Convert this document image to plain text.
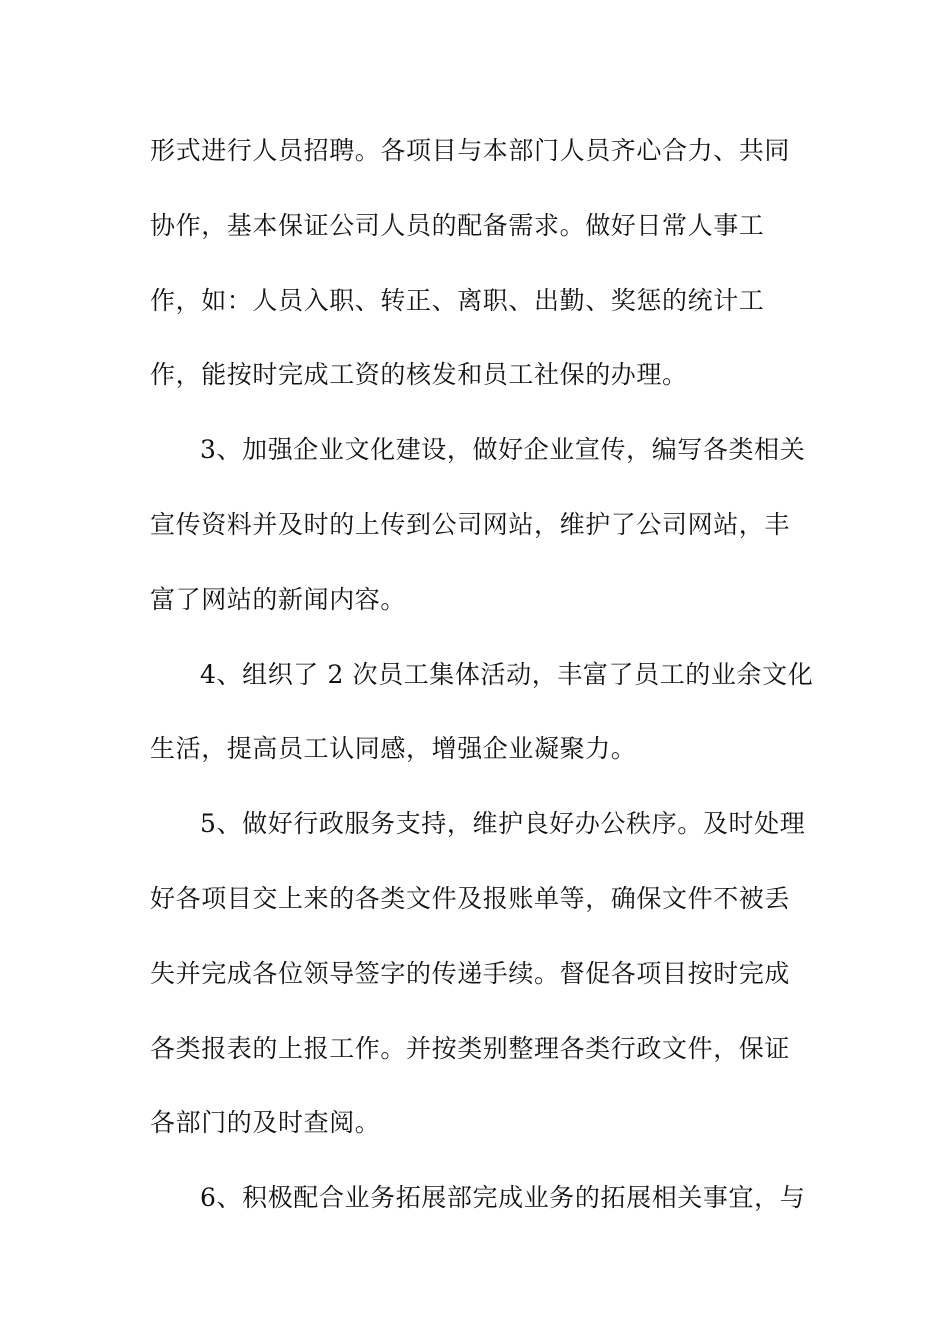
形式进行人员招聘。各项目与本部门人员齐心合力、共同
协作，基本保证公司人员的配备需求。做好日常人事工
作，如：人员入职、转正、离职、出勤、奖惩的统计工
作，能按时完成工资的核发和员工社保的办理。
3、加强企业文化建设，做好企业宣传，编写各类相关
宣传资料并及时的上传到公司网站，维护了公司网站，丰
富了网站的新闻内容。
4、组织了 2 次员工集体活动，丰富了员工的业余文化
生活，提高员工认同感，增强企业凝聚力。
5、做好行政服务支持，维护良好办公秩序。及时处理
好各项目交上来的各类文件及报账单等，确保文件不被丢
失并完成各位领导签字的传递手续。督促各项目按时完成
各类报表的上报工作。并按类别整理各类行政文件，保证
各部门的及时查阅。
6、积极配合业务拓展部完成业务的拓展相关事宜，与
